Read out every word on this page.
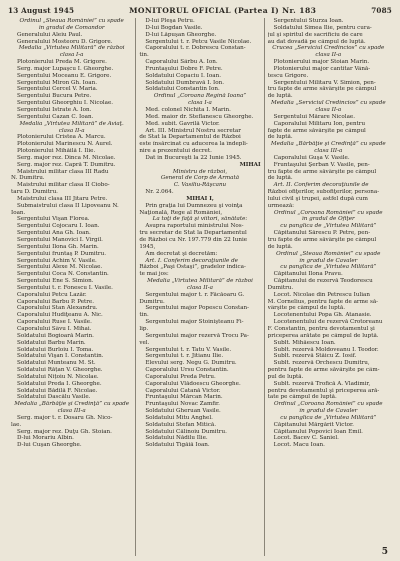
13 August 1945	MONITORUL OFICIAL (Partea I) Nr. 183	7085
Ordinul „Steaua României” cu spade
în gradul de Comandor
Generalului Aleiu Paul.
Generalului Mosteoru D. Grigore.
Medalia „Virtutea Militară” de război
clasa I-a
Plotonierului Preda M. Grigore.
Serg. major Lupaşcu I. Gheorghe.
Sergentului Moceanu E. Grigore.
Sergentului Miron Gh. Ioan.
Sergentului Cercel V. Maria.
Sergentului Bucura Petre.
Sergentului Gheorghiu I. Nicolae.
Sergentului Istrate A. Ion.
Sergentului Cazan C. Ioan.
Medalia „Virtutea Militară” de Aviaţ.
clasa II-a
Plotonierului Cristea A. Marcu.
Plotonierului Marinescu N. Aurel.
Plotonierului Mihăilă I. Ilie.
Serg. major rez. Dinca M. Nicolae.
Serg. major rez. Capră T. Dumitru.
Maistrului militar clasa III Radu
N. Dumitru.
Maistrului militar clasa II Ciobo-
taru D. Dumitru.
Maistrului clasa III Jitaru Petre.
Submaistrului clasa II Lipoveanu N.
Ioan.
Sergentului Vişan Florea.
Sergentului Cojocaru I. Ioan.
Sergentului Ana Gh. Ioan.
Sergentului Manovici I. Virgil.
Sergentului Ilona Gh. Marin.
Sergentului fruntaş P. Dumitru.
Sergentului Achim V. Vasile.
Sergentului Alexe M. Nicolae.
Sergentului Coca N. Constantin.
Sergentului Ene S. Simion.
Sergentului t. r. Fonescu I. Vasile.
Caporalului Petcu Lazăr.
Caporalului Barbu P. Petre.
Caporalului Stan Alexandru.
Caporalului Hudiţeanu A. Nic.
Caporalului Ruse I. Vasile.
Caporalului Sâvu I. Mihai.
Soldatului Bogioară Marin.
Soldatului Barbu Marin.
Soldatului Burloiu I. Toma.
Soldatului Vişan I. Constantin.
Soldatului Munteanu M. St.
Soldatului Rățan V. Gheorghe.
Soldatului Nițoiu N. Nicolae.
Soldatului Preda I. Gheorghe.
Soldatului Bădilă F. Nicolae.
Soldatului Dascălu Vasile.
Medalia „Bărbăţie şi Credinţă” cu spade
clasa III-a
Serg. major t. r. Dosaru Gh. Nico-
lae.
Serg. major rez. Duţu Gh. Stoian.
D-lui Morariu Albin.
D-lui Cuşan Gheorghe.
D-lui Pleşa Petru.
D-lui Bogdan Vasile.
D-lui Lăpuşan Gheorghe.
Sergentului t. r. Petcu Vasile Nicolae.
Caporalului t. r. Dobrescu Constan-
tin.
Caporalului Sârbu A. Ion.
Fruntaşului Dobre F. Petre.
Soldatului Copaciu I. Ioan.
Soldatului Dumbravă I. Ion.
Soldatului Constantin Ion.
Ordinul „Coroana Regină Ioana”
clasa I-a
Med. colonel Nichita I. Marin.
Med. maior dr. Steflanescu Gheorghe.
Med. subit. Gavrilă Victor.
Art. III. Ministrul Nostru secretar
de Stat la Departamentul de Război
este însărcinat cu aducerea la îndepli-
nire a prezentului decret.
Dat în Bucureşti la 22 Iunie 1945.
MIHAI
Ministru de război,
General de Corp de Armată
C. Vasiliu-Răşcanu
Nr. 2.064.
MIHAI I,
Prin graţia lui Dumnezeu şi voinţa
Naţională, Rege al României,
La toţi de faţă şi viitori, sănătate:
Asupra raportului ministrului Nos-
tru secretar de Stat la Departamentul
de Război cu Nr. 197.779 din 22 Iunie
1945,
Am decretat şi decretăm:
Art. I. Conferim decoraţiunile de
Război „Paşi Ostaşi”, gradelor indica-
te mai jos:
Medalia „Virtutea Militară” de război
clasa II-a
Sergentului major t. r. Făcăoaru G.
Dumitru.
Sergentului major Popescu Constan-
tin.
Sergentului major Stoinişteanu Fi-
lip.
Sergentului major rezervă Trocu Pa-
vel.
Sergentului t. r. Tatu V. Vasile.
Sergentului t. r. Jitianu Ilie.
Elevului serg. Negu G. Dumitru.
Caporalului Ursu Constantin.
Caporalului Preda Petru.
Caporalului Vlădoescu Gheorghe.
Caporalului Catană Victor.
Fruntaşului Mărcan Marin.
Fruntaşului Novac Zamfir.
Soldatului Gheruan Vasile.
Soldatului Mitu Anghel.
Soldatului Stefan Mitică.
Soldatului Călinoiu Dumitru.
Soldatului Nădilu Ilie.
Soldatului Tigăiă Ioan.
Sergentului Sturza Ioan.
Soldatului Simea Ilie, pentru cura-
jul şi spiritul de sacrificiu de care
au dat dovadă pe câmpul de luptă.
Crucea „Serviciul Credincios” cu spade
clasa II-a
Plotonierului major Stoian Marin.
Plotonierului major cantitar Vână-
tescu Grigore.
Sergentului Militaru V. Simion, pen-
tru fapte de arme săvârşite pe câmpul
de luptă.
Medalia „Serviciul Credincios” cu spade
clasa II-a
Sergentului Mărare Nicolae.
Caporalului Militaru Ion, pentru
fapte de arme săvârşite pe câmpul
de luptă.
Medalia „Bărbăţie şi Credinţă” cu spade
clasa III-a
Caporalului Guşa V. Vasile.
Fruntaşului Şerban V. Vasile, pen-
tru fapte de arme săvârşite pe câmpul
de luptă.
Art. II. Conferim decoraţiunile de
Război ofiţerilor, subofiţerilor, persona-
lului civil şi trupei, astfel după cum
urmează:
Ordinul „Coroana României” cu spade
în gradul de Ofiţer
cu panglica de „Virtutea Militară”
Căpitanului Sărescu P. Petre, pen-
tru fapte de arme săvârşite pe câmpul
de luptă.
Ordinul „Steaua României” cu spade
în gradul de Cavaler
cu panglica de „Virtutea Militară”
Căpitanului Ilona Pravu.
Căpitanului de rezervă Teodorescu
Dumitru.
Locot. Nicolae din Petrescu Iulian
M. Cornelius, pentru fapte de arme să-
vârşite pe câmpul de luptă.
Locotenentului Popa Gh. Atanasie.
Locotenentului de rezervă Crotoreanu
F. Constantin, pentru devotamentul şi
priceperea arătate pe câmpul de luptă.
Sublt. Mihăescu Ioan.
Sublt. rezervă Moldoveanu I. Teodor.
Sublt. rezervă Stăicu Z. Iosif.
Sublt. rezervă Orchescu Dumitru,
pentru fapte de arme săvârşite pe câm-
pul de luptă.
Sublt. rezervă Trofică A. Vladimir,
pentru devotamentul şi priceperea ară-
tate pe câmpul de luptă.
Ordinul „Coroana României” cu spade
în gradul de Cavaler
cu panglica de „Virtutea Militară”
Căpitanului Mărgărit Victor.
Căpitanului Popovici Ioan Emil.
Locot. Bacev C. Saniel.
Locot. Macu Ioan.
5
